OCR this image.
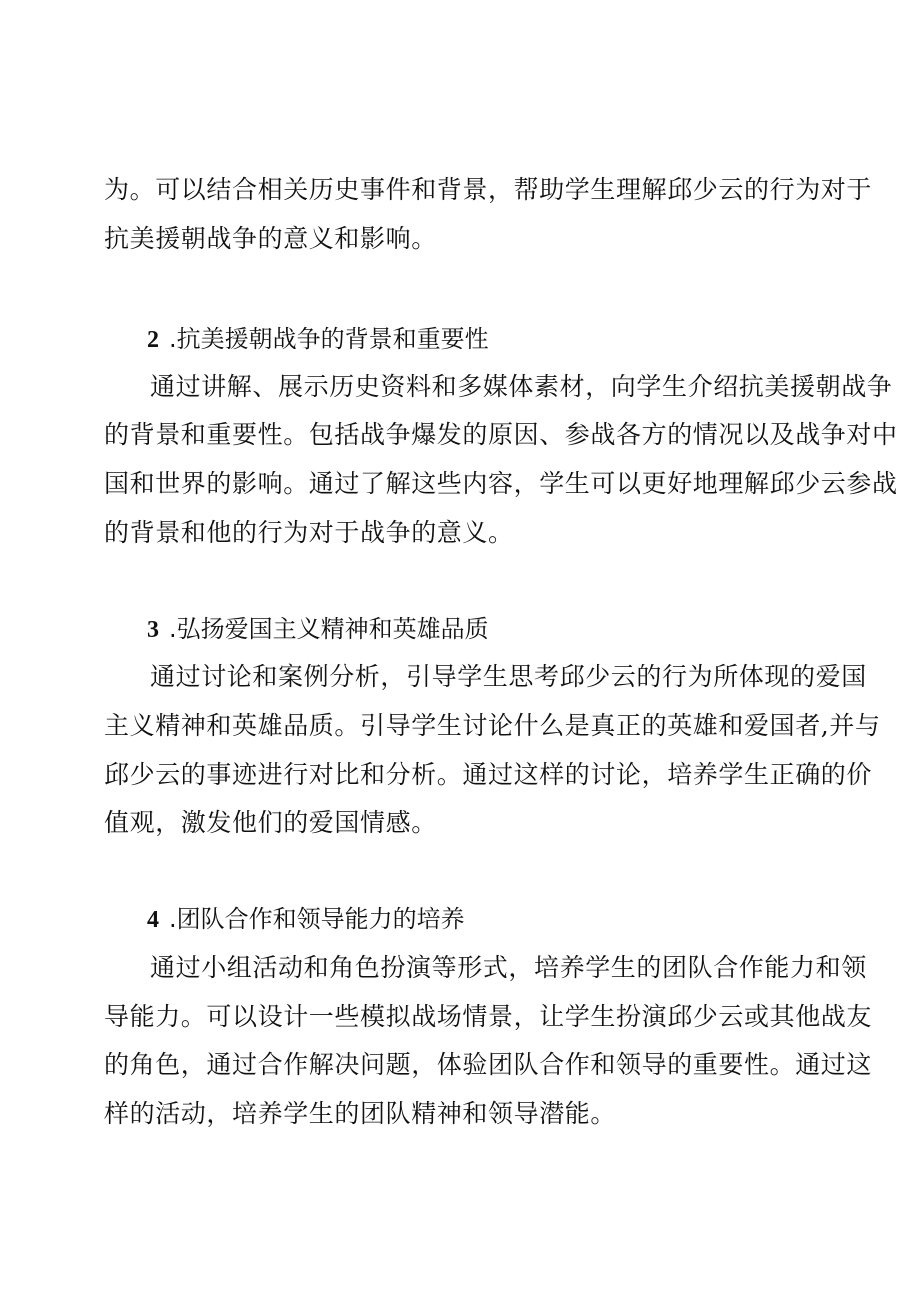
为。可以结合相关历史事件和背景，帮助学生理解邱少云的行为对于
抗美援朝战争的意义和影响。
2 .抗美援朝战争的背景和重要性
通过讲解、展示历史资料和多媒体素材，向学生介绍抗美援朝战争
的背景和重要性。包括战争爆发的原因、参战各方的情况以及战争对中
国和世界的影响。通过了解这些内容，学生可以更好地理解邱少云参战
的背景和他的行为对于战争的意义。
3 .弘扬爱国主义精神和英雄品质
通过讨论和案例分析，引导学生思考邱少云的行为所体现的爱国
主义精神和英雄品质。引导学生讨论什么是真正的英雄和爱国者,并与
邱少云的事迹进行对比和分析。通过这样的讨论，培养学生正确的价
值观，激发他们的爱国情感。
4 .团队合作和领导能力的培养
通过小组活动和角色扮演等形式，培养学生的团队合作能力和领
导能力。可以设计一些模拟战场情景，让学生扮演邱少云或其他战友
的角色，通过合作解决问题，体验团队合作和领导的重要性。通过这
样的活动，培养学生的团队精神和领导潜能。
